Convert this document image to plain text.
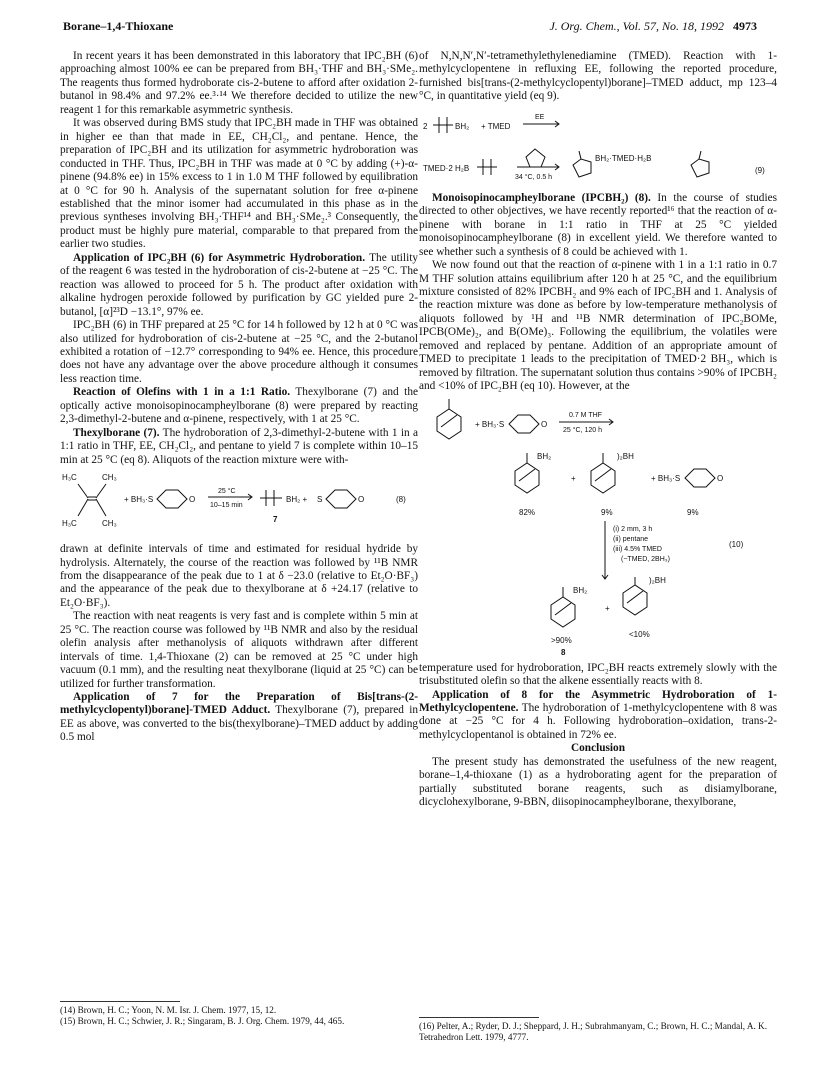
Borane–1,4-Thioxane	J. Org. Chem., Vol. 57, No. 18, 1992 4973

In recent years it has been demonstrated in this laboratory that IPC₂BH (6) approaching almost 100% ee can be prepared from BH₃·THF and BH₃·SMe₂. The reagents thus formed hydroborate cis-2-butene to afford after oxidation 2-butanol in 98.4% and 97.2% ee.³·¹⁴ We therefore decided to utilize the new reagent 1 for this remarkable asymmetric synthesis.

It was observed during BMS study that IPC₂BH made in THF was obtained in higher ee than that made in EE, CH₂Cl₂, and pentane. Hence, the preparation of IPC₂BH and its utilization for asymmetric hydroboration was conducted in THF. Thus, IPC₂BH in THF was made at 0 °C by adding (+)-α-pinene (94.8% ee) in 15% excess to 1 in 1.0 M THF followed by equilibration at 0 °C for 90 h. Analysis of the supernatant solution for free α-pinene established that the minor isomer had accumulated in this phase as in the previous syntheses involving BH₃·THF¹⁴ and BH₃·SMe₂.³ Consequently, the product must be highly pure material, comparable to that prepared from the earlier two studies.

Application of IPC₂BH (6) for Asymmetric Hydroboration. The utility of the reagent 6 was tested in the hydroboration of cis-2-butene at −25 °C. The reaction was allowed to proceed for 5 h. The product after oxidation with alkaline hydrogen peroxide followed by purification by GC yielded pure 2-butanol, [α]²³D −13.1°, 97% ee.

IPC₂BH (6) in THF prepared at 25 °C for 14 h followed by 12 h at 0 °C was also utilized for hydroboration of cis-2-butene at −25 °C, and the 2-butanol exhibited a rotation of −12.7° corresponding to 94% ee. Hence, this procedure does not have any advantage over the above procedure although it consumes less reaction time.

Reaction of Olefins with 1 in a 1:1 Ratio. Thexylborane (7) and the optically active monoisopinocampheylborane (8) were prepared by reacting 2,3-dimethyl-2-butene and α-pinene, respectively, with 1 at 25 °C.

Thexylborane (7). The hydroboration of 2,3-dimethyl-2-butene with 1 in a 1:1 ratio in THF, EE, CH₂Cl₂, and pentane to yield 7 is complete within 10–15 min at 25 °C (eq 8). Aliquots of the reaction mixture were with-

H₃C	CH₃
H₃C	CH₃
+ BH₃·S	O
25 °C
10–15 min
BH₂ + S	O	(8)
7

drawn at definite intervals of time and estimated for residual hydride by hydrolysis. Alternately, the course of the reaction was followed by ¹¹B NMR from the disappearance of the peak due to 1 at δ −23.0 (relative to Et₂O·BF₃) and the appearance of the peak due to thexylborane at δ +24.17 (relative to Et₂O·BF₃).

The reaction with neat reagents is very fast and is complete within 5 min at 25 °C. The reaction course was followed by ¹¹B NMR and also by the residual olefin analysis after methanolysis of aliquots withdrawn after different intervals of time. 1,4-Thioxane (2) can be removed at 25 °C under high vacuum (0.1 mm), and the resulting neat thexylborane (liquid at 25 °C) can be utilized for further transformation.

Application of 7 for the Preparation of Bis[trans-(2-methylcyclopentyl)borane]-TMED Adduct. Thexylborane (7), prepared in EE as above, was converted to the bis(thexylborane)–TMED adduct by adding 0.5 mol

of N,N,N′,N′-tetramethylethylenediamine (TMED). Reaction with 1-methylcyclopentene in refluxing EE, following the reported procedure, furnished bis[trans-(2-methylcyclopentyl)borane]–TMED adduct, mp 123–4 °C, in quantitative yield (eq 9).

2	BH₂ + TMED
EE
TMED·2 H₂B
34 °C, 0.5 h
BH₂·TMED·H₂B
(9)

Monoisopinocampheylborane (IPCBH₂) (8). In the course of studies directed to other objectives, we have recently reported¹⁶ that the reaction of α-pinene with borane in 1:1 ratio in THF at 25 °C yielded monoisopinocampheylborane (8) in excellent yield. We therefore wanted to see whether such a synthesis of 8 could be achieved with 1.

We now found out that the reaction of α-pinene with 1 in a 1:1 ratio in 0.7 M THF solution attains equilibrium after 120 h at 25 °C, and the equilibrium mixture consisted of 82% IPCBH₂ and 9% each of IPC₂BH and 1. Analysis of the reaction mixture was done as before by low-temperature methanolysis of aliquots followed by ¹H and ¹¹B NMR determination of IPC₂BOMe, IPCB(OMe)₂, and B(OMe)₃. Following the equilibrium, the volatiles were removed and replaced by pentane. Addition of an appropriate amount of TMED to precipitate 1 leads to the precipitation of TMED·2 BH₃, which is removed by filtration. The supernatant solution thus contains >90% of IPCBH₂ and <10% of IPC₂BH (eq 10). However, at the

+ BH₃·S	O
0.7 M THF
25 °C, 120 h
BH₂
+
)₂BH
+ BH₃·S	O
82%	9%	9%
(i) 2 mm, 3 h
(ii) pentane
(iii) 4.5% TMED
(−TMED, 2BH₃)
(10)
BH₂
+
)₂BH
>90%
<10%
8

temperature used for hydroboration, IPC₂BH reacts extremely slowly with the trisubstituted olefin so that the alkene essentially reacts with 8.

Application of 8 for the Asymmetric Hydroboration of 1-Methylcyclopentene. The hydroboration of 1-methylcyclopentene with 8 was done at −25 °C for 4 h. Following hydroboration–oxidation, trans-2-methylcyclopentanol is obtained in 72% ee.

Conclusion

The present study has demonstrated the usefulness of the new reagent, borane–1,4-thioxane (1) as a hydroborating agent for the preparation of partially substituted borane reagents, such as disiamylborane, dicyclohexylborane, 9-BBN, diisopinocampheylborane, thexylborane,

(14) Brown, H. C.; Yoon, N. M. Isr. J. Chem. 1977, 15, 12.

(15) Brown, H. C.; Schwier, J. R.; Singaram, B. J. Org. Chem. 1979, 44, 465.	(16) Pelter, A.; Ryder, D. J.; Sheppard, J. H.; Subrahmanyam, C.; Brown, H. C.; Mandal, A. K. Tetrahedron Lett. 1979, 4777.
